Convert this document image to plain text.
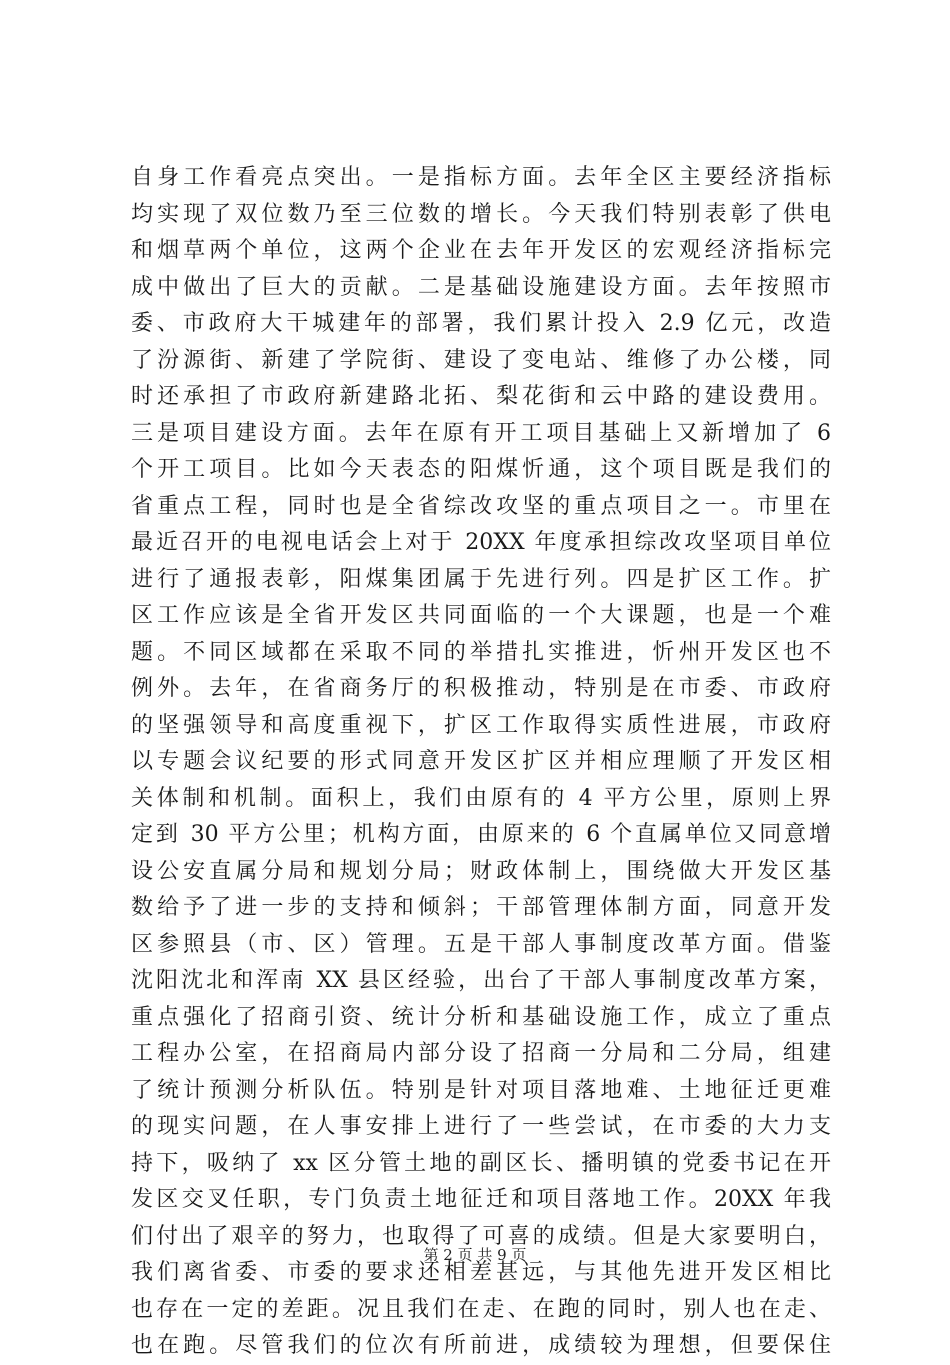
自身工作看亮点突出。一是指标方面。去年全区主要经济指标
均实现了双位数乃至三位数的增长。今天我们特别表彰了供电
和烟草两个单位，这两个企业在去年开发区的宏观经济指标完
成中做出了巨大的贡献。二是基础设施建设方面。去年按照市
委、市政府大干城建年的部署，我们累计投入 2.9 亿元，改造
了汾源街、新建了学院街、建设了变电站、维修了办公楼，同
时还承担了市政府新建路北拓、梨花街和云中路的建设费用。
三是项目建设方面。去年在原有开工项目基础上又新增加了 6
个开工项目。比如今天表态的阳煤忻通，这个项目既是我们的
省重点工程，同时也是全省综改攻坚的重点项目之一。市里在
最近召开的电视电话会上对于 20XX 年度承担综改攻坚项目单位
进行了通报表彰，阳煤集团属于先进行列。四是扩区工作。扩
区工作应该是全省开发区共同面临的一个大课题，也是一个难
题。不同区域都在采取不同的举措扎实推进，忻州开发区也不
例外。去年，在省商务厅的积极推动，特别是在市委、市政府
的坚强领导和高度重视下，扩区工作取得实质性进展，市政府
以专题会议纪要的形式同意开发区扩区并相应理顺了开发区相
关体制和机制。面积上，我们由原有的 4 平方公里，原则上界
定到 30 平方公里；机构方面，由原来的 6 个直属单位又同意增
设公安直属分局和规划分局；财政体制上，围绕做大开发区基
数给予了进一步的支持和倾斜；干部管理体制方面，同意开发
区参照县（市、区）管理。五是干部人事制度改革方面。借鉴
沈阳沈北和浑南 XX 县区经验，出台了干部人事制度改革方案，
重点强化了招商引资、统计分析和基础设施工作，成立了重点
工程办公室，在招商局内部分设了招商一分局和二分局，组建
了统计预测分析队伍。特别是针对项目落地难、土地征迁更难
的现实问题，在人事安排上进行了一些尝试，在市委的大力支
持下，吸纳了 xx 区分管土地的副区长、播明镇的党委书记在开
发区交叉任职，专门负责土地征迁和项目落地工作。20XX 年我
们付出了艰辛的努力，也取得了可喜的成绩。但是大家要明白，
我们离省委、市委的要求还相差甚远，与其他先进开发区相比
也存在一定的差距。况且我们在走、在跑的同时，别人也在走、
也在跑。尽管我们的位次有所前进，成绩较为理想，但要保住
第 2 页 共 9 页
